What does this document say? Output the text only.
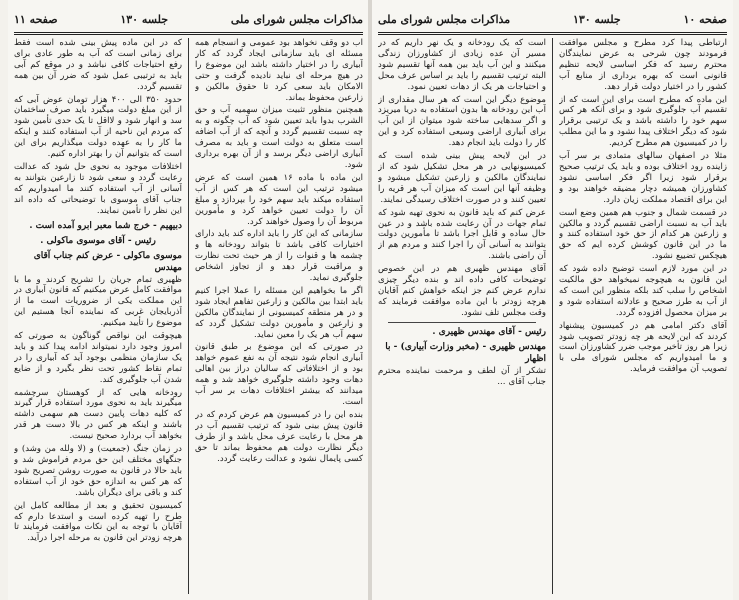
مذاکرات مجلس شورای ملی
جلسه ۱۳۰
صفحه ۱۱

آب دو وقف نخواهد بود عمومی و انسجام همه مسئله ای باید سازمانی ایجاد گردد که کار آبیاری را در اختیار داشته باشد این موضوع را در هیچ مرحله ای نباید نادیده گرفت و حتی الامکان باید سعی کرد تا حقوق مالکین و زارعین محفوظ بماند.

همچنین منظور تثبیت میزان سهمیه آب و حق الشرب بدوا باید تعیین شود که آب چگونه و به چه نسبت تقسیم گردد و آنچه که از آب اضافه است متعلق به دولت است و باید به مصرف آبیاری اراضی دیگر برسد و از آن بهره برداری شود.

این ماده با ماده ۱۶ همین است که عرض میشود ترتیب این است که هر کس از آب استفاده میکند باید سهم خود را بپردازد و مبلغ آن را دولت تعیین خواهد کرد و مأمورین مربوط آن را وصول خواهند کرد.

سازمانی که این کار را باید اداره کند باید دارای اختیارات کافی باشد تا بتواند رودخانه ها و چشمه ها و قنوات را از هر حیث تحت نظارت و مراقبت قرار دهد و از تجاوز اشخاص جلوگیری نماید.

اگر ما بخواهیم این مسئله را عملا اجرا کنیم باید ابتدا بین مالکین و زارعین تفاهم ایجاد شود و در هر منطقه کمیسیونی از نمایندگان مالکین و زارعین و مأمورین دولت تشکیل گردد که سهم آب هر یک را معین نماید.

در صورتی که این موضوع بر طبق قانون آبیاری انجام شود نتیجه آن به نفع عموم خواهد بود و از اختلافاتی که سالیان دراز بین اهالی دهات وجود داشته جلوگیری خواهد شد و همه میدانند که بیشتر اختلافات دهات بر سر آب است.

بنده این را در کمیسیون هم عرض کردم که در قانون پیش بینی شود که ترتیب تقسیم آب در هر محل با رعایت عرف محل باشد و از طرف دیگر نظارت دولت هم محفوظ بماند تا حق کسی پایمال نشود و عدالت رعایت گردد.

که در این ماده پیش بینی شده است فقط برای زمانی است که آب به طور عادی برای رفع احتیاجات کافی نباشد و در موقع کم آبی باید به ترتیبی عمل شود که ضرر آن بین همه تقسیم گردد.

حدود ۳۵۰ الی ۴۰۰ هزار تومان عوض آبی که از این مبلغ دولت میگیرد باید صرف ساختمان سد و انهار شود و لااقل تا یک حدی تأمین شود که مردم این ناحیه از آب استفاده کنند و اینکه ما کار را به عهده دولت میگذاریم برای این است که بتوانیم آن را بهتر اداره کنیم.

اختلافات موجود به نحوی حل شود که عدالت رعایت گردد و سعی شود تا زارعین بتوانند به آسانی از آب استفاده کنند ما امیدواریم که جناب آقای موسوی با توضیحاتی که داده اند این نظر را تأمین نمایند.

دبیهیم - خرج شما معبر ابرو آمده است .
رئیس - آقای موسوی ماکولی .
موسوی ماکولی - عرض کنم جناب آقای مهندس

ظهیری تمام جریان را تشریح کردند و ما با موافقت کامل عرض میکنیم که قانون آبیاری در این مملکت یکی از ضروریات است ما از آذربایجان غربی که نماینده آنجا هستیم این موضوع را تأیید میکنیم.

هیچوقت این نواقص گوناگون به صورتی که امروز وجود دارد نمیتواند ادامه پیدا کند و باید یک سازمان منظمی بوجود آید که آبیاری را در تمام نقاط کشور تحت نظر بگیرد و از ضایع شدن آب جلوگیری کند.

رودخانه هایی که از کوهستان سرچشمه میگیرند باید به نحوی مورد استفاده قرار گیرند که کلیه دهات پایین دست هم سهمی داشته باشند و اینکه هر کس در بالا دست هر قدر بخواهد آب بردارد صحیح نیست.

در زمان جنگ (جمعیت) و (لا ولله من وشد) و جنگهای مختلف این حق مردم فراموش شد و باید حالا در قانون به صورت روشن تصریح شود که هر کس به اندازه حق خود از آب استفاده کند و باقی برای دیگران باشد.

کمیسیون تحقیق و بعد از مطالعه کامل این طرح را تهیه کرده است و استدعا دارم که آقایان با توجه به این نکات موافقت فرمایند تا هرچه زودتر این قانون به مرحله اجرا درآید.

صفحه ۱۰
جلسه ۱۳۰
مذاکرات مجلس شورای ملی

ارتباطی پیدا کرد مطرح و مجلس موافقت فرمودند چون شرحی به عرض نمایندگان محترم رسید که فکر اساسی لایحه تنظیم قانونی است که بهره برداری از منابع آب کشور را در اختیار دولت قرار دهد.

این ماده که مطرح است برای این است که از تقسیم آب جلوگیری شود و برای آنکه هر کس سهم خود را داشته باشد و یک ترتیبی برقرار شود که دیگر اختلاف پیدا نشود و ما این مطلب را در کمیسیون هم مطرح کردیم.

مثلا در اصفهان سالهای متمادی بر سر آب زاینده رود اختلاف بوده و باید یک ترتیب صحیح برقرار شود زیرا اگر فکر اساسی نشود کشاورزان همیشه دچار مضیقه خواهند بود و این برای اقتصاد مملکت زیان دارد.

در قسمت شمال و جنوب هم همین وضع است باید آب به نسبت اراضی تقسیم گردد و مالکین و زارعین هر کدام از حق خود استفاده کنند و ما در این قانون کوشش کرده ایم که حق هیچکس تضییع نشود.

در این مورد لازم است توضیح داده شود که این قانون به هیچوجه نمیخواهد حق مالکیت اشخاص را سلب کند بلکه منظور این است که از آب به طرز صحیح و عادلانه استفاده شود و بر میزان محصول افزوده گردد.

آقای دکتر امامی هم در کمیسیون پیشنهاد کردند که این لایحه هر چه زودتر تصویب شود زیرا هر روز تأخیر موجب ضرر کشاورزان است و ما امیدواریم که مجلس شورای ملی با تصویب آن موافقت فرماید.

است که یک رودخانه و یک نهر داریم که در مسیر آن عده زیادی از کشاورزان زندگی میکنند و این آب باید بین همه آنها تقسیم شود البته ترتیب تقسیم را باید بر اساس عرف محل و احتیاجات هر یک از دهات تعیین نمود.

موضوع دیگر این است که هر سال مقداری از آب این رودخانه ها بدون استفاده به دریا میریزد و اگر سدهایی ساخته شود میتوان از این آب برای آبیاری اراضی وسیعی استفاده کرد و این کار را دولت باید انجام دهد.

در این لایحه پیش بینی شده است که کمیسیونهایی در هر محل تشکیل شود که از نمایندگان مالکین و زارعین تشکیل میشود و وظیفه آنها این است که میزان آب هر قریه را تعیین کنند و در صورت اختلاف رسیدگی نمایند.

عرض کنم که باید قانون به نحوی تهیه شود که تمام جهات در آن رعایت شده باشد و در عین حال ساده و قابل اجرا باشد تا مأمورین دولت بتوانند به آسانی آن را اجرا کنند و مردم هم از آن راضی باشند.

آقای مهندس ظهیری هم در این خصوص توضیحات کافی داده اند و بنده دیگر چیزی ندارم عرض کنم جز اینکه خواهش کنم آقایان هرچه زودتر با این ماده موافقت فرمایند که وقت مجلس تلف نشود.

رئیس - آقای مهندس ظهیری .
مهندس ظهیری - (مخبر وزارت آبیاری) - با اظهار

تشکر از آن لطف و مرحمت نماینده محترم جناب آقای ...
